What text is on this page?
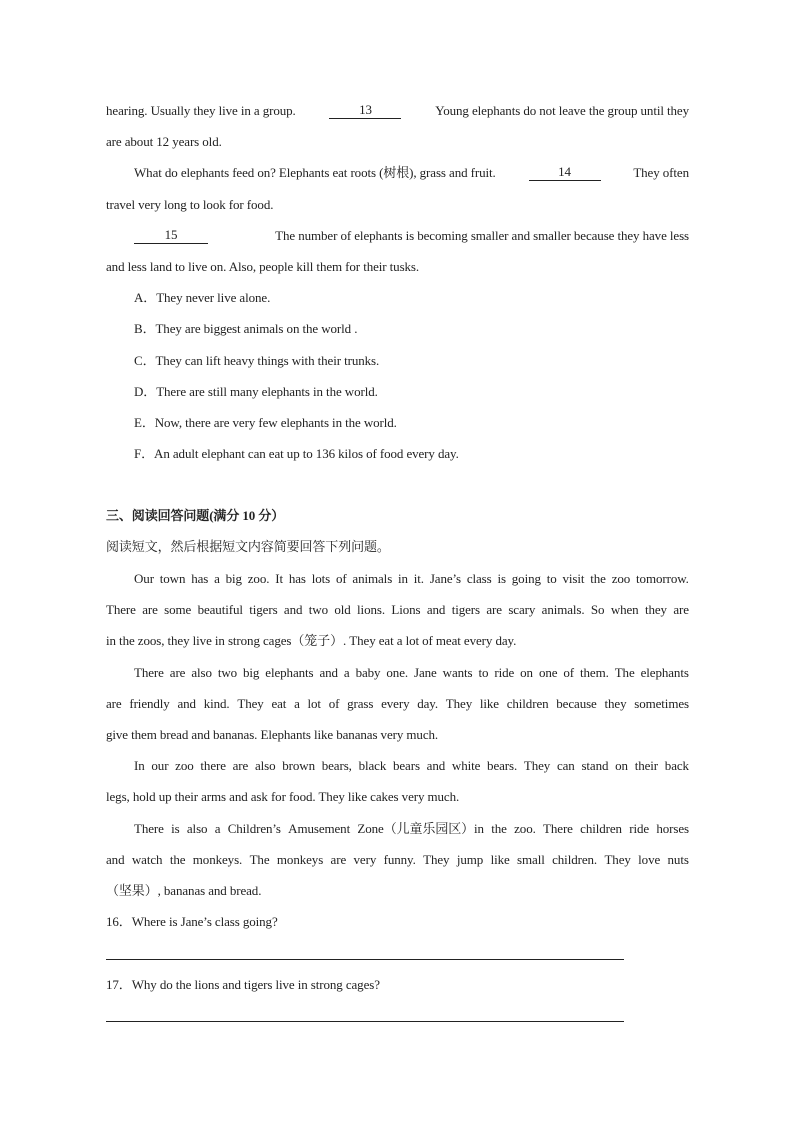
hearing. Usually they live in a group.	13	Young elephants do not leave the group until they
are about 12 years old.
What do elephants feed on? Elephants eat roots (树根), grass and fruit.	14	They often
travel very long to look for food.
15	The number of elephants is becoming smaller and smaller because they have less
and less land to live on. Also, people kill them for their tusks.
A．They never live alone.
B．They are biggest animals on the world .
C．They can lift heavy things with their trunks.
D．There are still many elephants in the world.
E．Now, there are very few elephants in the world.
F．An adult elephant can eat up to 136 kilos of food every day.
三、阅读回答问题(满分 10 分）
阅读短文，然后根据短文内容简要回答下列问题。
Our town has a big zoo. It has lots of animals in it. Jane’s class is going to visit the zoo tomorrow.
There are some beautiful tigers and two old lions. Lions and tigers are scary animals. So when they are
in the zoos, they live in strong cages（笼子）. They eat a lot of meat every day.
There are also two big elephants and a baby one. Jane wants to ride on one of them. The elephants
are friendly and kind. They eat a lot of grass every day. They like children because they sometimes
give them bread and bananas. Elephants like bananas very much.
In our zoo there are also brown bears, black bears and white bears. They can stand on their back
legs, hold up their arms and ask for food. They like cakes very much.
There is also a Children’s Amusement Zone（儿童乐园区）in the zoo. There children ride horses
and watch the monkeys. The monkeys are very funny. They jump like small children. They love nuts
（坚果）, bananas and bread.
16．Where is Jane’s class going?
17．Why do the lions and tigers live in strong cages?
